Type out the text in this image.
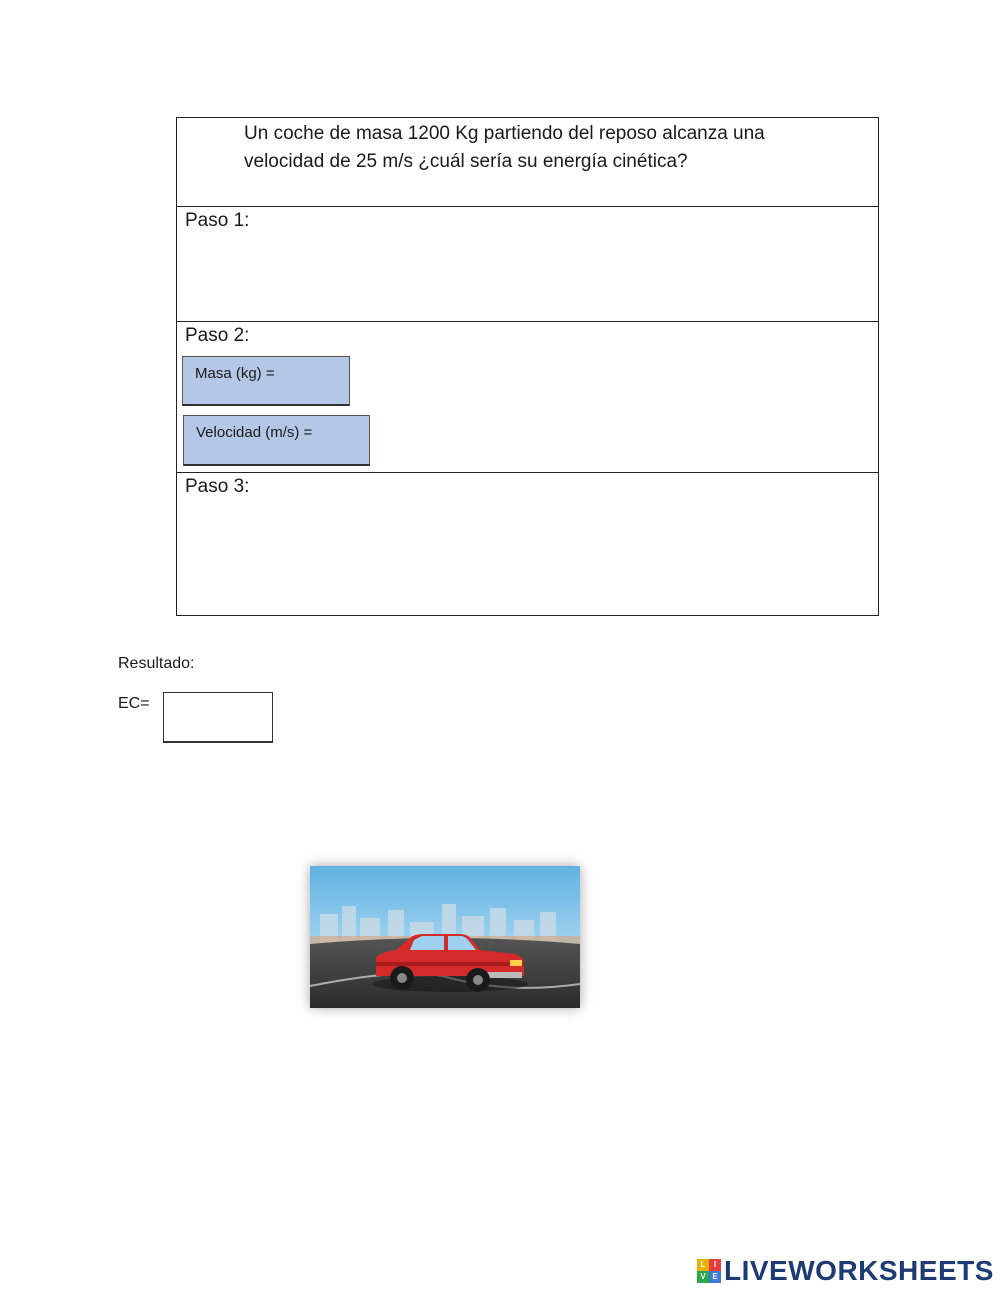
Un coche de masa 1200 Kg partiendo del reposo alcanza una
velocidad de 25 m/s ¿cuál sería su energía cinética?
Paso 1:
Paso 2:
Masa (kg) =
Velocidad (m/s) =
Paso 3:
Resultado:
EC=
L	I
V E LIVEWORKSHEETS
